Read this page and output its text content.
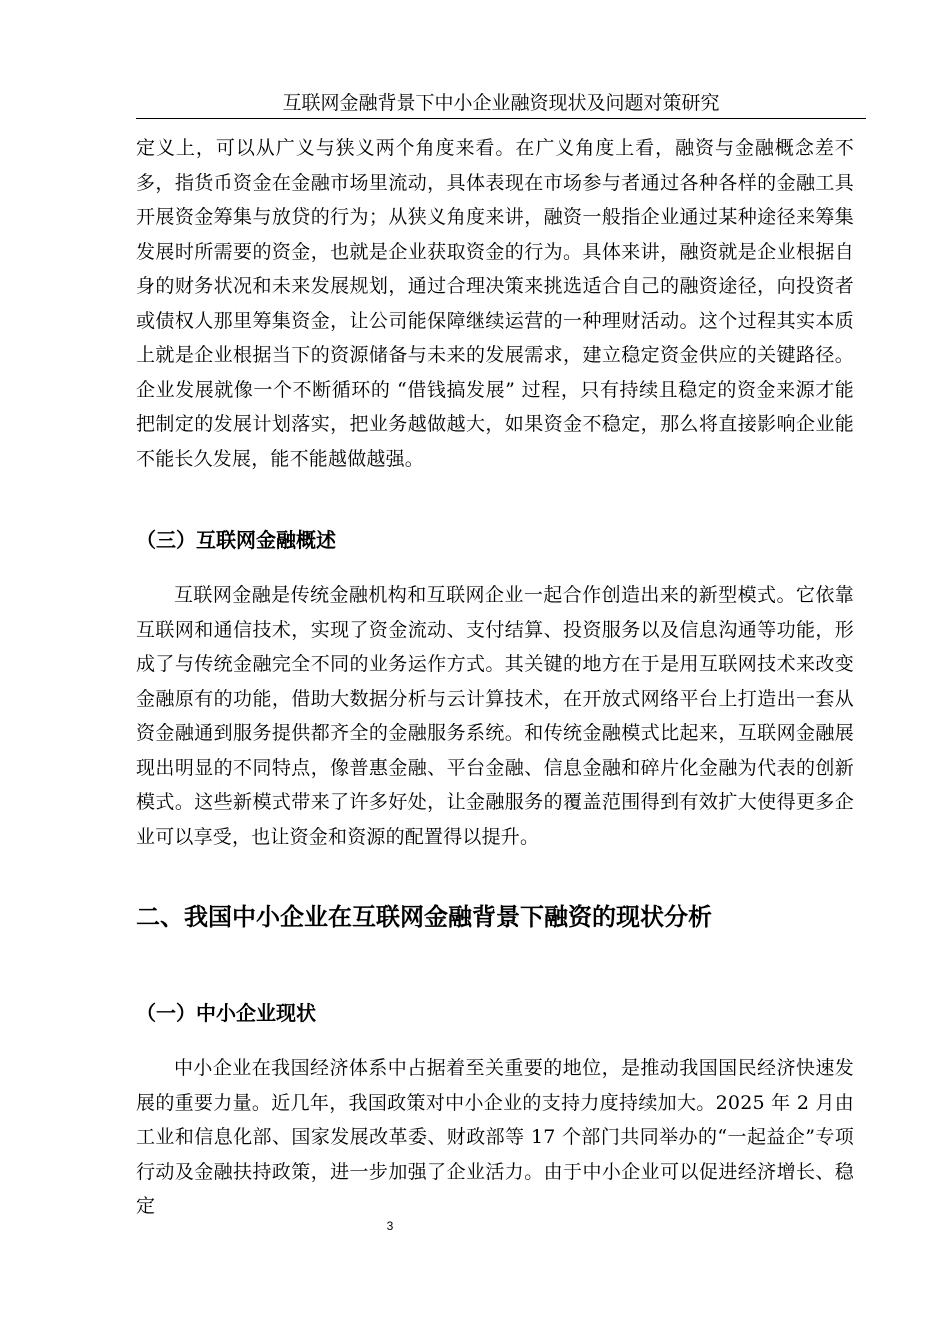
互联网金融背景下中小企业融资现状及问题对策研究

定义上，可以从广义与狭义两个角度来看。在广义角度上看，融资与金融概念差不多，指货币资金在金融市场里流动，具体表现在市场参与者通过各种各样的金融工具开展资金筹集与放贷的行为；从狭义角度来讲，融资一般指企业通过某种途径来筹集发展时所需要的资金，也就是企业获取资金的行为。具体来讲，融资就是企业根据自身的财务状况和未来发展规划，通过合理决策来挑选适合自己的融资途径，向投资者或债权人那里筹集资金，让公司能保障继续运营的一种理财活动。这个过程其实本质上就是企业根据当下的资源储备与未来的发展需求，建立稳定资金供应的关键路径。企业发展就像一个不断循环的 “借钱搞发展” 过程，只有持续且稳定的资金来源才能把制定的发展计划落实，把业务越做越大，如果资金不稳定，那么将直接影响企业能不能长久发展，能不能越做越强。

（三）互联网金融概述

互联网金融是传统金融机构和互联网企业一起合作创造出来的新型模式。它依靠互联网和通信技术，实现了资金流动、支付结算、投资服务以及信息沟通等功能，形成了与传统金融完全不同的业务运作方式。其关键的地方在于是用互联网技术来改变金融原有的功能，借助大数据分析与云计算技术，在开放式网络平台上打造出一套从资金融通到服务提供都齐全的金融服务系统。和传统金融模式比起来，互联网金融展现出明显的不同特点，像普惠金融、平台金融、信息金融和碎片化金融为代表的创新模式。这些新模式带来了许多好处，让金融服务的覆盖范围得到有效扩大使得更多企业可以享受，也让资金和资源的配置得以提升。

二、我国中小企业在互联网金融背景下融资的现状分析
（一）中小企业现状

中小企业在我国经济体系中占据着至关重要的地位，是推动我国国民经济快速发展的重要力量。近几年，我国政策对中小企业的支持力度持续加大。2025 年 2 月由工业和信息化部、国家发展改革委、财政部等 17 个部门共同举办的“一起益企”专项行动及金融扶持政策，进一步加强了企业活力。由于中小企业可以促进经济增长、稳定

3
